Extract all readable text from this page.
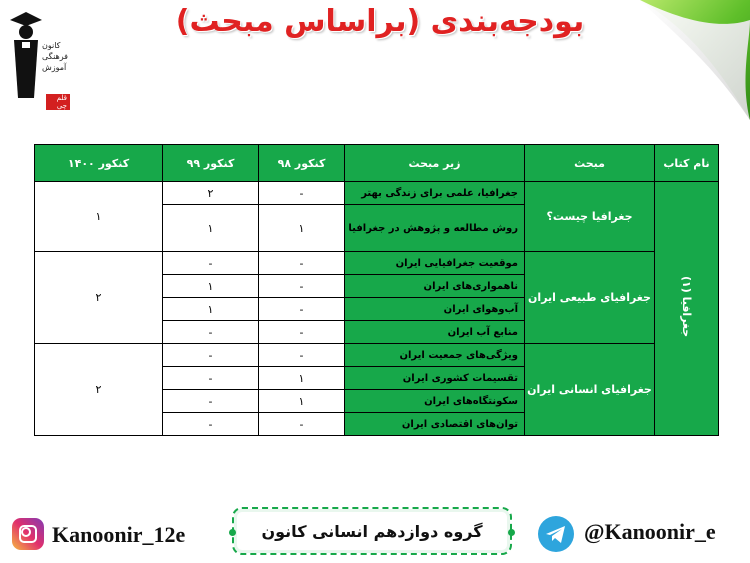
کانون
فرهنگی
آموزش
قلم چی
بودجه‌بندی (براساس مبحث)
نام کتاب	مبحث	زیر مبحث	کنکور ۹۸	کنکور ۹۹	کنکور ۱۴۰۰
جغرافیا (۱)	جغرافیا چیست؟	جغرافیا، علمی برای زندگی بهتر	-	۲	۱
		روش مطالعه و پژوهش در جغرافیا	۱	۱	
	جغرافیای طبیعی ایران	موقعیت جغرافیایی ایران	-	-	۲
		ناهمواری‌های ایران	-	۱	
		آب‌وهوای ایران	-	۱	
		منابع آب ایران	-	-	
	جغرافیای انسانی ایران	ویژگی‌های جمعیت ایران	-	-	۲
		تقسیمات کشوری ایران	۱	-	
		سکونتگاه‌های ایران	۱	-	
		توان‌های اقتصادی ایران	-	-	
Kanoonir_12e	گروه دوازدهم انسانی کانون	@Kanoonir_e
